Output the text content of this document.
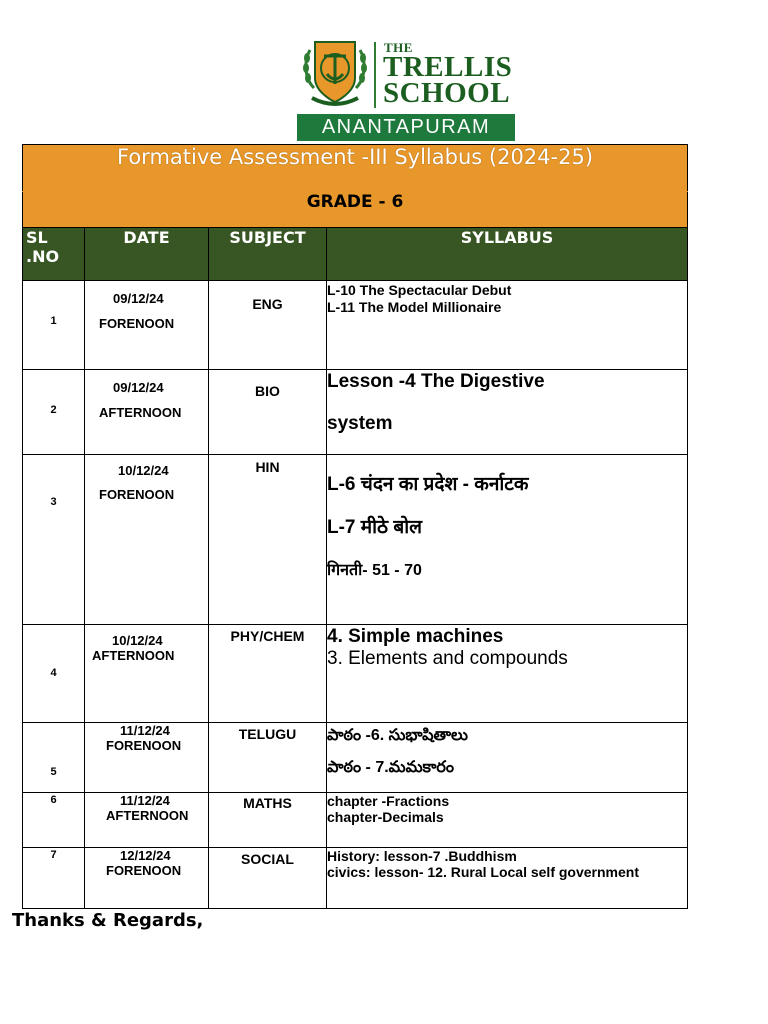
THE
TRELLIS
SCHOOL
ANANTAPURAM
Formative Assessment -III Syllabus (2024-25)			
GRADE - 6			
SL .NO	DATE	SUBJECT	SYLLABUS

1	09/12/24
FORENOON	ENG	L-10 The Spectacular Debut
L-11 The Model Millionaire

2	09/12/24
AFTERNOON	BIO	Lesson -4 The Digestive
system

3	10/12/24
FORENOON	HIN	L-6 चंदन का प्रदेश - कर्नाटक
L-7 मीठे बोल
गिनती- 51 - 70

4	10/12/24
AFTERNOON	PHY/CHEM	4. Simple machines
3. Elements and compounds

5	11/12/24
FORENOON	TELUGU	పాఠం -6. సుభాషితాలు
పాఠం - 7.మమకారం

6	11/12/24
AFTERNOON	MATHS	chapter -Fractions
chapter-Decimals

7	12/12/24
FORENOON	SOCIAL	History: lesson-7 .Buddhism
civics: lesson- 12. Rural Local self government
Thanks & Regards,
